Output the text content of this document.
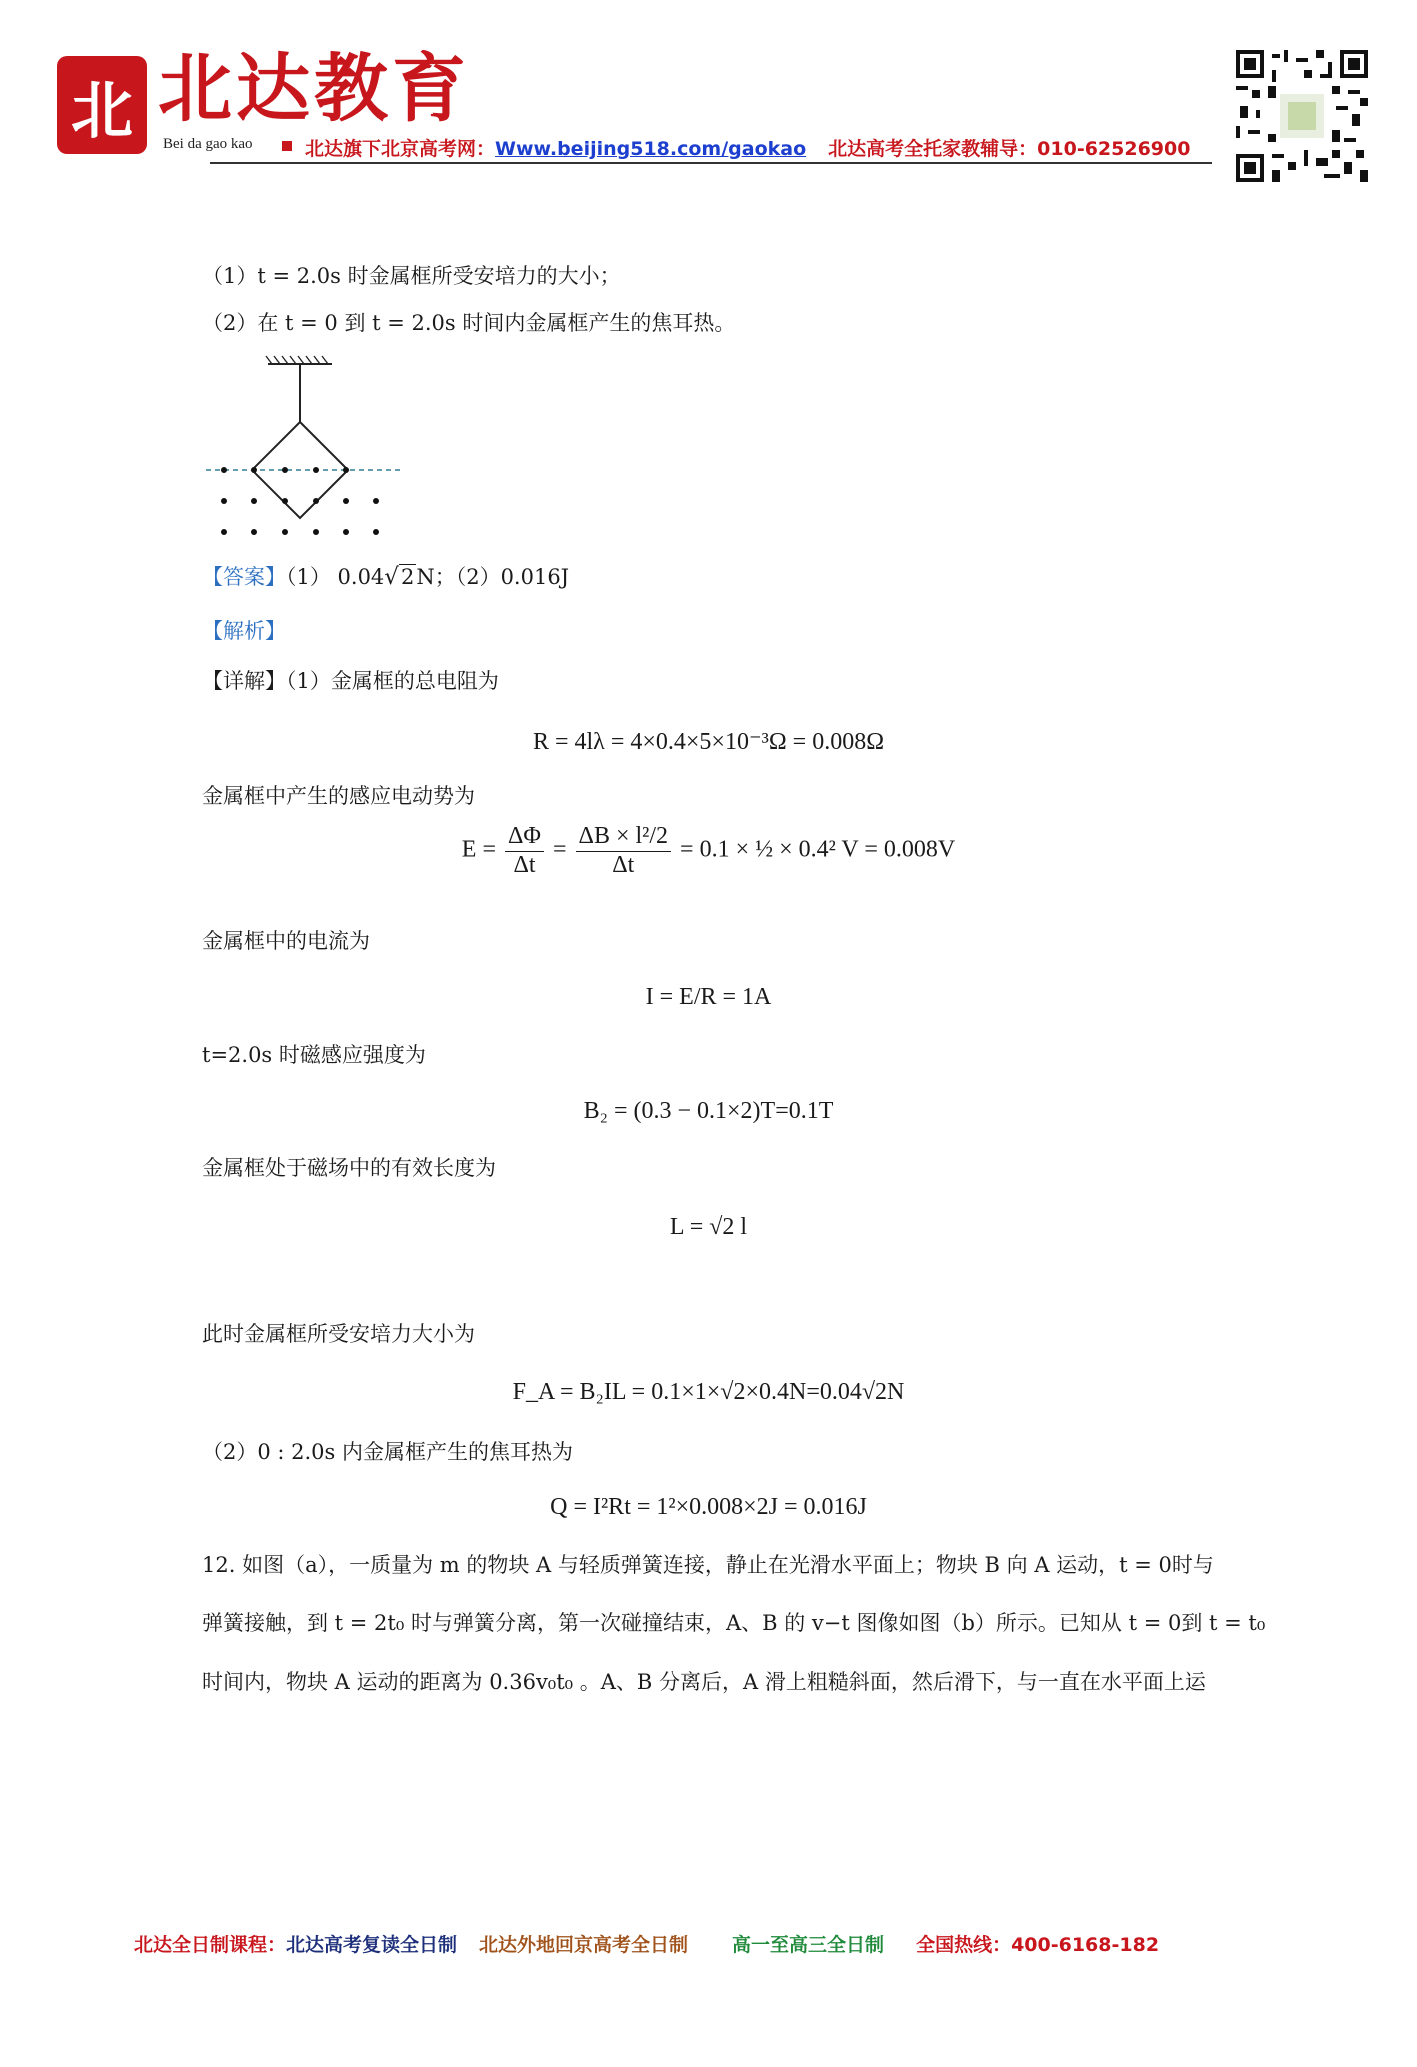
北 北达教育
Bei da gao kao	北达旗下北京高考网：Www.beijing518.com/gaokao 北达高考全托家教辅导：010-62526900
（1）t = 2.0s 时金属框所受安培力的大小；
（2）在 t = 0 到 t = 2.0s 时间内金属框产生的焦耳热。
【答案】（1） 0.04√2N；（2）0.016J
【解析】
【详解】（1）金属框的总电阻为
R = 4lλ = 4×0.4×5×10⁻³Ω = 0.008Ω
金属框中产生的感应电动势为
$E = \frac{\Delta\Phi}{\Delta t} = \frac{\text{ΔB × l²/2}}{\Delta t} = 0.1$ × ½ × 0.4² V = 0.008V
金属框中的电流为
I = E/R = 1A
t=2.0s 时磁感应强度为
B₂ = (0.3 − 0.1×2)T=0.1T
金属框处于磁场中的有效长度为
L = √2 l
此时金属框所受安培力大小为
F_A = B₂IL = 0.1×1×√2×0.4N=0.04√2N
（2）0 : 2.0s 内金属框产生的焦耳热为
Q = I²Rt = 1²×0.008×2J = 0.016J
12. 如图（a），一质量为 m 的物块 A 与轻质弹簧连接，静止在光滑水平面上；物块 B 向 A 运动，t = 0时与
弹簧接触，到 t = 2t₀ 时与弹簧分离，第一次碰撞结束，A、B 的 v−t 图像如图（b）所示。已知从 t = 0到 t = t₀
时间内，物块 A 运动的距离为 0.36v₀t₀ 。A、B 分离后，A 滑上粗糙斜面，然后滑下，与一直在水平面上运
北达全日制课程：北达高考复读全日制 北达外地回京高考全日制 高一至高三全日制 全国热线：400-6168-182
